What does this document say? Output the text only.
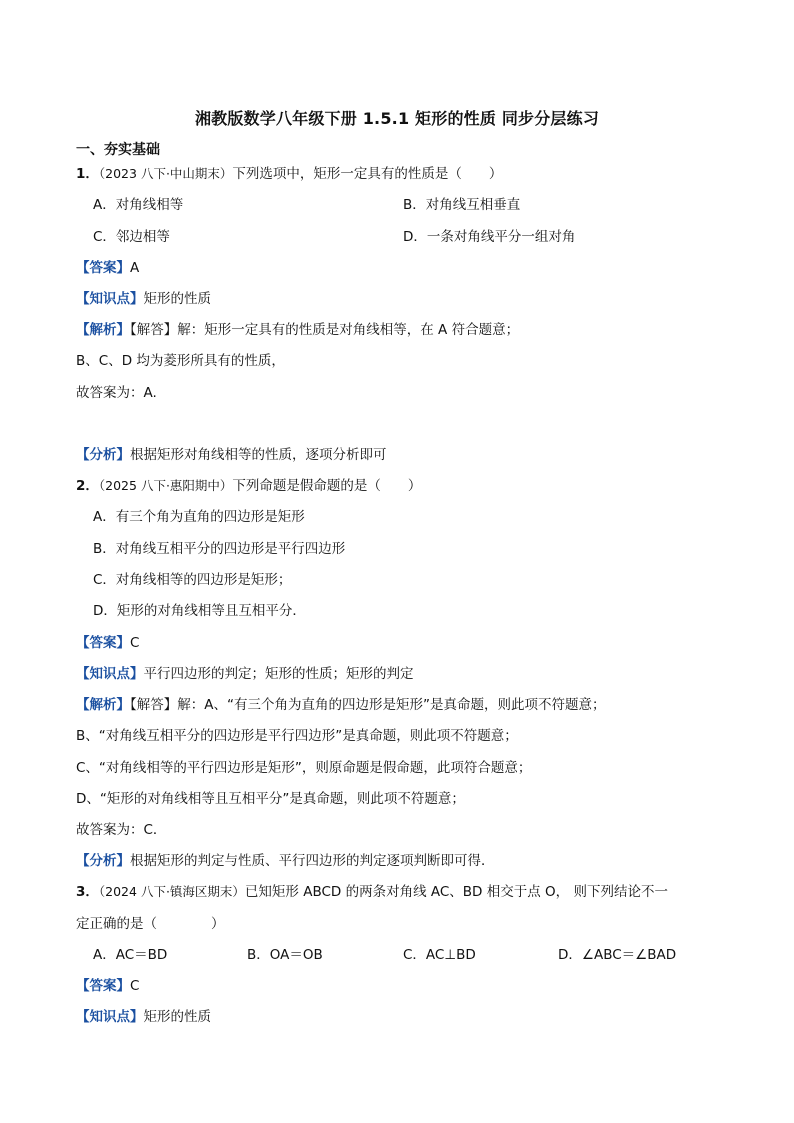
湘教版数学八年级下册 1.5.1 矩形的性质 同步分层练习
一、夯实基础
1．（2023 八下·中山期末）下列选项中，矩形一定具有的性质是（　　）
A．对角线相等	B．对角线互相垂直
C．邻边相等	D．一条对角线平分一组对角
【答案】A
【知识点】矩形的性质
【解析】【解答】解：矩形一定具有的性质是对角线相等，在 A 符合题意；
B、C、D 均为菱形所具有的性质，
故答案为：A.
【分析】根据矩形对角线相等的性质，逐项分析即可
2．（2025 八下·惠阳期中）下列命题是假命题的是（　　）
A．有三个角为直角的四边形是矩形
B．对角线互相平分的四边形是平行四边形
C．对角线相等的四边形是矩形；
D．矩形的对角线相等且互相平分．
【答案】C
【知识点】平行四边形的判定；矩形的性质；矩形的判定
【解析】【解答】解：A、“有三个角为直角的四边形是矩形”是真命题，则此项不符题意；
B、“对角线互相平分的四边形是平行四边形”是真命题，则此项不符题意；
C、“对角线相等的平行四边形是矩形”，则原命题是假命题，此项符合题意；
D、“矩形的对角线相等且互相平分”是真命题，则此项不符题意；
故答案为：C．
【分析】根据矩形的判定与性质、平行四边形的判定逐项判断即可得．
3．（2024 八下·镇海区期末）已知矩形 ABCD 的两条对角线 AC、BD 相交于点 O， 则下列结论不一
定正确的是（　　　　）
A．AC＝BD	B．OA＝OB	C．AC⊥BD	D．∠ABC＝∠BAD
【答案】C
【知识点】矩形的性质
